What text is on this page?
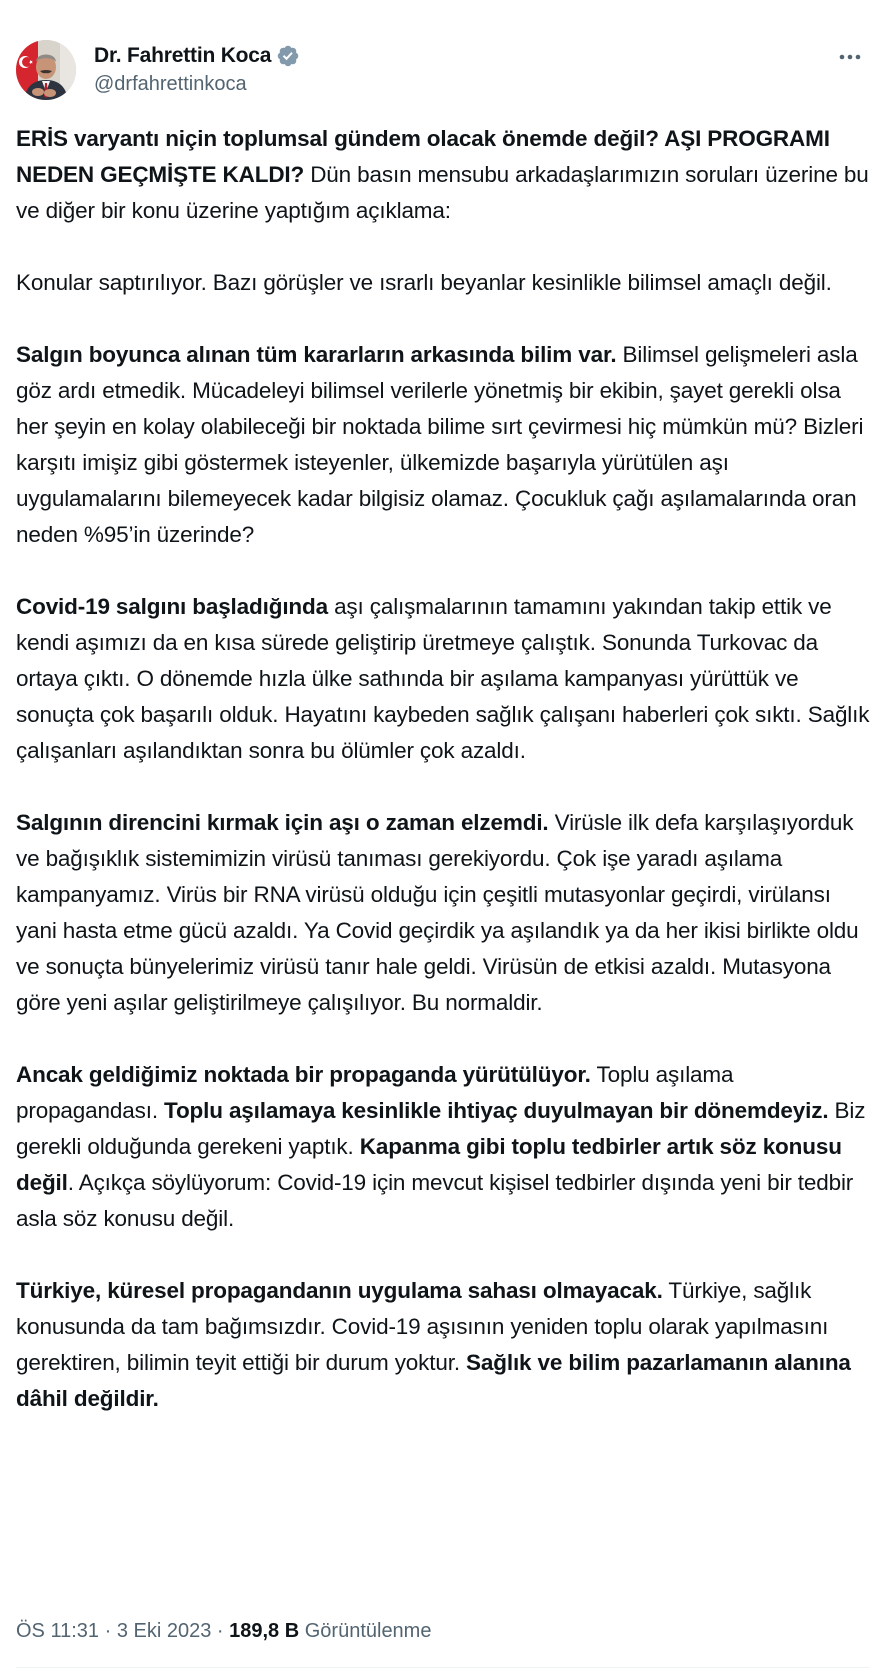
Dr. Fahrettin Koca
@drfahrettinkoca
ERİS varyantı niçin toplumsal gündem olacak önemde değil? AŞI PROGRAMI NEDEN GEÇMİŞTE KALDI? Dün basın mensubu arkadaşlarımızın soruları üzerine bu ve diğer bir konu üzerine yaptığım açıklama:
Konular saptırılıyor. Bazı görüşler ve ısrarlı beyanlar kesinlikle bilimsel amaçlı değil.
Salgın boyunca alınan tüm kararların arkasında bilim var. Bilimsel gelişmeleri asla göz ardı etmedik. Mücadeleyi bilimsel verilerle yönetmiş bir ekibin, şayet gerekli olsa her şeyin en kolay olabileceği bir noktada bilime sırt çevirmesi hiç mümkün mü? Bizleri karşıtı imişiz gibi göstermek isteyenler, ülkemizde başarıyla yürütülen aşı uygulamalarını bilemeyecek kadar bilgisiz olamaz. Çocukluk çağı aşılamalarında oran neden %95’in üzerinde?
Covid-19 salgını başladığında aşı çalışmalarının tamamını yakından takip ettik ve kendi aşımızı da en kısa sürede geliştirip üretmeye çalıştık. Sonunda Turkovac da ortaya çıktı. O dönemde hızla ülke sathında bir aşılama kampanyası yürüttük ve sonuçta çok başarılı olduk. Hayatını kaybeden sağlık çalışanı haberleri çok sıktı. Sağlık çalışanları aşılandıktan sonra bu ölümler çok azaldı.
Salgının direncini kırmak için aşı o zaman elzemdi. Virüsle ilk defa karşılaşıyorduk ve bağışıklık sistemimizin virüsü tanıması gerekiyordu. Çok işe yaradı aşılama kampanyamız. Virüs bir RNA virüsü olduğu için çeşitli mutasyonlar geçirdi, virülansı yani hasta etme gücü azaldı. Ya Covid geçirdik ya aşılandık ya da her ikisi birlikte oldu ve sonuçta bünyelerimiz virüsü tanır hale geldi. Virüsün de etkisi azaldı. Mutasyona göre yeni aşılar geliştirilmeye çalışılıyor. Bu normaldir.
Ancak geldiğimiz noktada bir propaganda yürütülüyor. Toplu aşılama propagandası. Toplu aşılamaya kesinlikle ihtiyaç duyulmayan bir dönemdeyiz. Biz gerekli olduğunda gerekeni yaptık. Kapanma gibi toplu tedbirler artık söz konusu değil. Açıkça söylüyorum: Covid-19 için mevcut kişisel tedbirler dışında yeni bir tedbir asla söz konusu değil.
Türkiye, küresel propagandanın uygulama sahası olmayacak. Türkiye, sağlık konusunda da tam bağımsızdır. Covid-19 aşısının yeniden toplu olarak yapılmasını gerektiren, bilimin teyit ettiği bir durum yoktur. Sağlık ve bilim pazarlamanın alanına dâhil değildir.
ÖS 11:31 · 3 Eki 2023 · 189,8 B Görüntülenme
